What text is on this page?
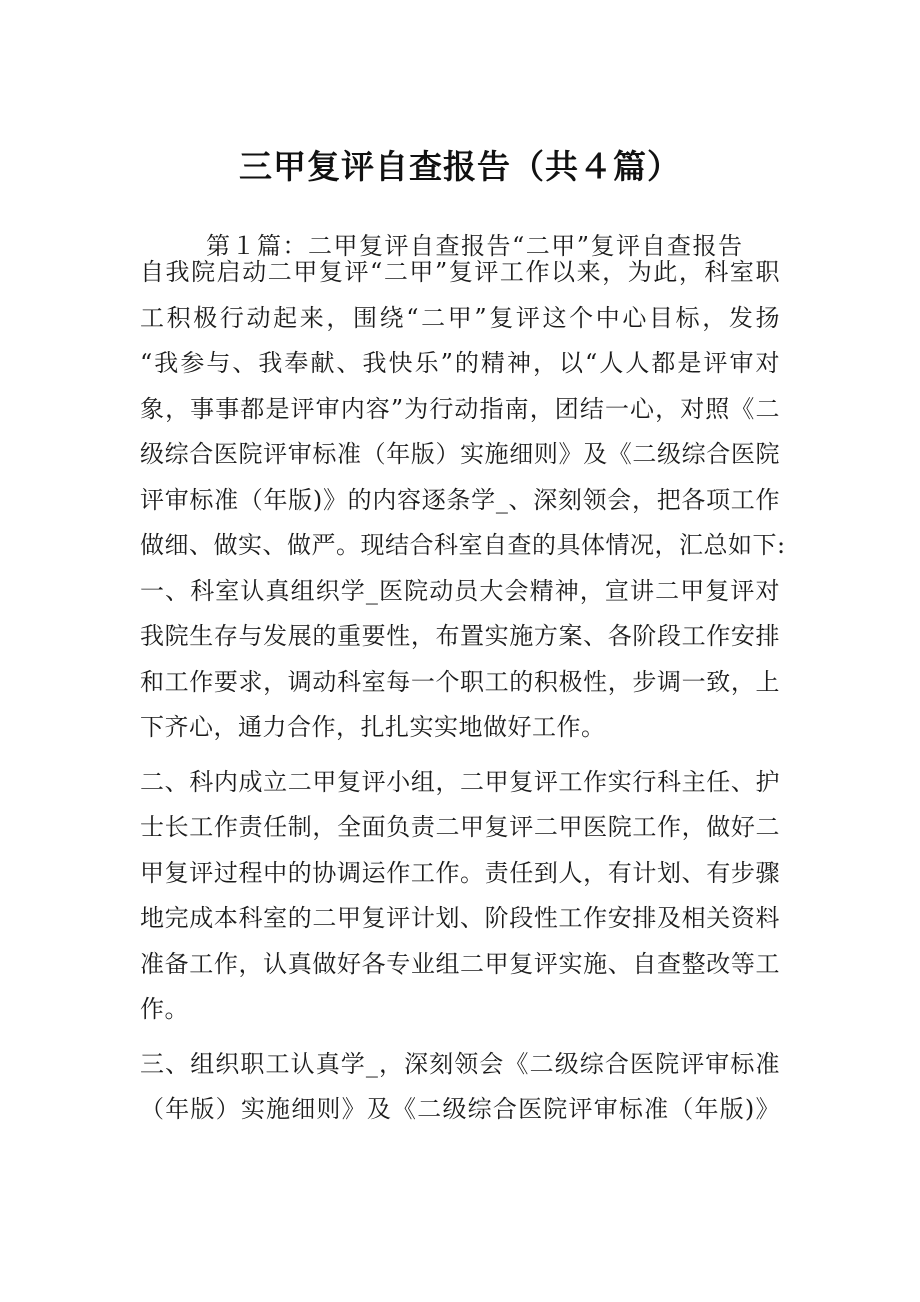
三甲复评自查报告（共４篇）
第１篇：二甲复评自查报告“二甲”复评自查报告
自我院启动二甲复评“二甲”复评工作以来，为此，科室职
工积极行动起来，围绕“二甲”复评这个中心目标，发扬
“我参与、我奉献、我快乐”的精神，以“人人都是评审对
象，事事都是评审内容”为行动指南，团结一心，对照《二
级综合医院评审标准（年版）实施细则》及《二级综合医院
评审标准（年版)》的内容逐条学_、深刻领会，把各项工作
做细、做实、做严。现结合科室自查的具体情况，汇总如下:
一、科室认真组织学_医院动员大会精神，宣讲二甲复评对
我院生存与发展的重要性，布置实施方案、各阶段工作安排
和工作要求，调动科室每一个职工的积极性，步调一致，上
下齐心，通力合作，扎扎实实地做好工作。
二、科内成立二甲复评小组，二甲复评工作实行科主任、护
士长工作责任制，全面负责二甲复评二甲医院工作，做好二
甲复评过程中的协调运作工作。责任到人，有计划、有步骤
地完成本科室的二甲复评计划、阶段性工作安排及相关资料
准备工作，认真做好各专业组二甲复评实施、自查整改等工
作。
三、组织职工认真学_，深刻领会《二级综合医院评审标准
（年版）实施细则》及《二级综合医院评审标准（年版)》
